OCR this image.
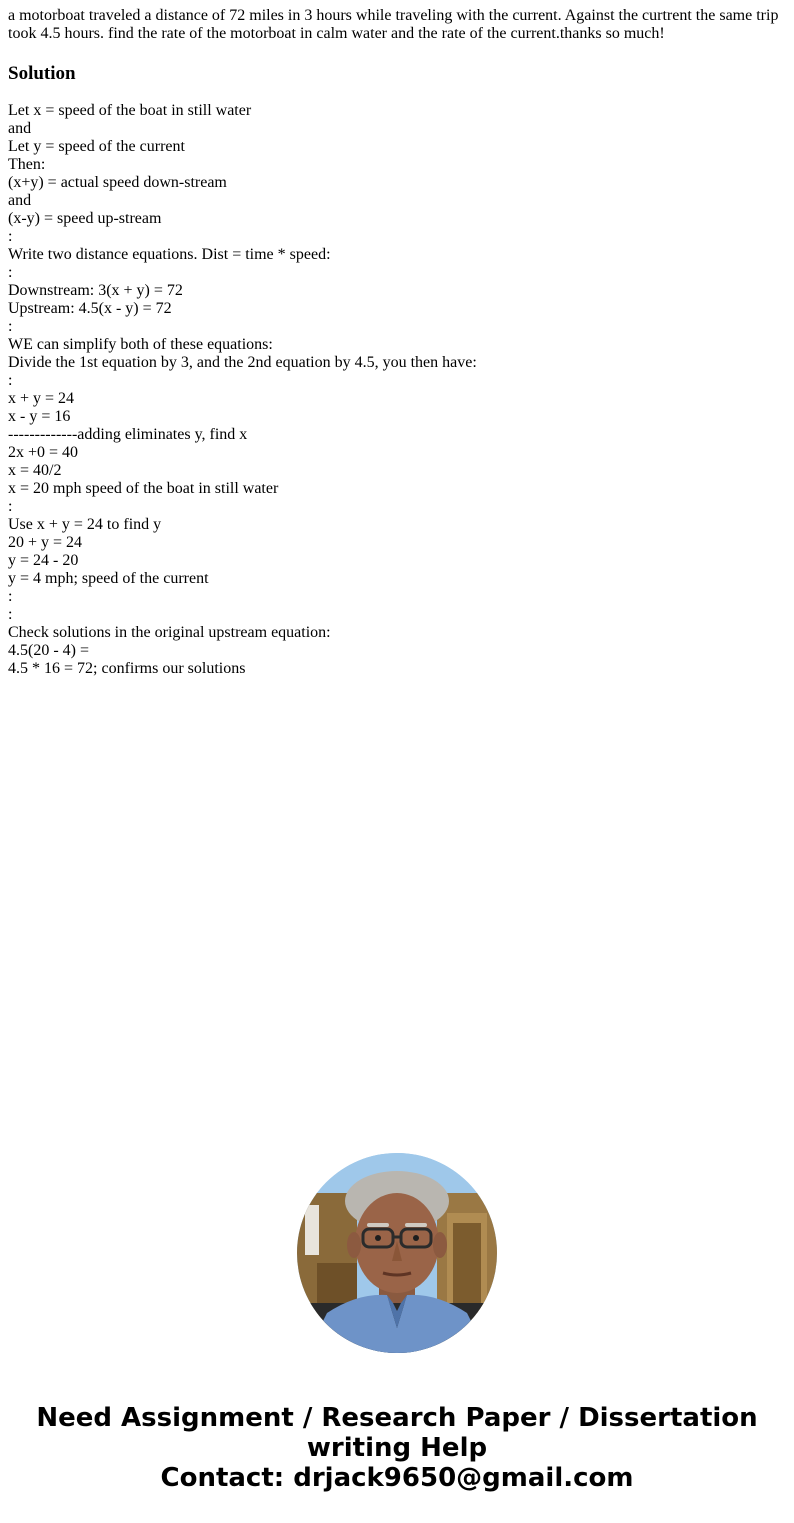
a motorboat traveled a distance of 72 miles in 3 hours while traveling with the current. Against the curtrent the same trip took 4.5 hours. find the rate of the motorboat in calm water and the rate of the current.thanks so much!
Solution
Let x = speed of the boat in still water
and
Let y = speed of the current
Then:
(x+y) = actual speed down-stream
and
(x-y) = speed up-stream
:
Write two distance equations. Dist = time * speed:
:
Downstream: 3(x + y) = 72
Upstream: 4.5(x - y) = 72
:
WE can simplify both of these equations:
Divide the 1st equation by 3, and the 2nd equation by 4.5, you then have:
:
x + y = 24
x - y = 16
-------------adding eliminates y, find x
2x +0 = 40
x = 40/2
x = 20 mph speed of the boat in still water
:
Use x + y = 24 to find y
20 + y = 24
y = 24 - 20
y = 4 mph; speed of the current
:
:
Check solutions in the original upstream equation:
4.5(20 - 4) =
4.5 * 16 = 72; confirms our solutions
Need Assignment / Research Paper / Dissertation
writing Help
Contact: drjack9650@gmail.com
